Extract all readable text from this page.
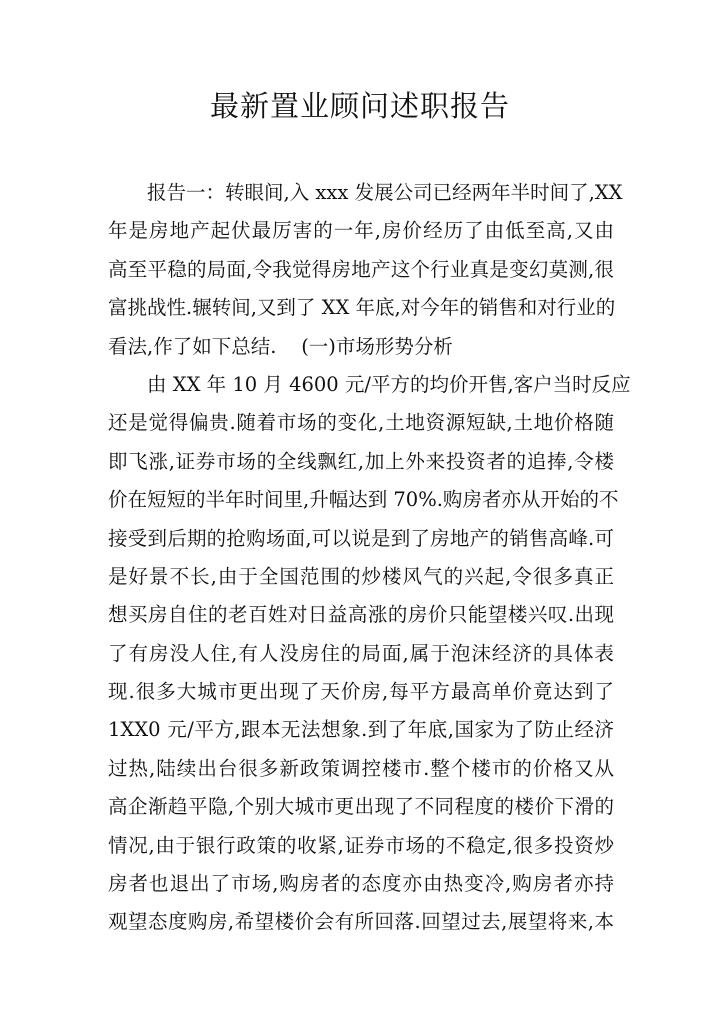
最新置业顾问述职报告
报告一：转眼间,入 xxx 发展公司已经两年半时间了,XX
年是房地产起伏最厉害的一年,房价经历了由低至高,又由
高至平稳的局面,令我觉得房地产这个行业真是变幻莫测,很
富挑战性.辗转间,又到了 XX 年底,对今年的销售和对行业的
看法,作了如下总结.    (一)市场形势分析
由 XX 年 10 月 4600 元/平方的均价开售,客户当时反应
还是觉得偏贵.随着市场的变化,土地资源短缺,土地价格随
即飞涨,证券市场的全线飘红,加上外来投资者的追捧,令楼
价在短短的半年时间里,升幅达到 70%.购房者亦从开始的不
接受到后期的抢购场面,可以说是到了房地产的销售高峰.可
是好景不长,由于全国范围的炒楼风气的兴起,令很多真正
想买房自住的老百姓对日益高涨的房价只能望楼兴叹.出现
了有房没人住,有人没房住的局面,属于泡沫经济的具体表
现.很多大城市更出现了天价房,每平方最高单价竟达到了
1XX0 元/平方,跟本无法想象.到了年底,国家为了防止经济
过热,陆续出台很多新政策调控楼市.整个楼市的价格又从
高企渐趋平隐,个别大城市更出现了不同程度的楼价下滑的
情况,由于银行政策的收紧,证券市场的不稳定,很多投资炒
房者也退出了市场,购房者的态度亦由热变冷,购房者亦持
观望态度购房,希望楼价会有所回落.回望过去,展望将来,本
